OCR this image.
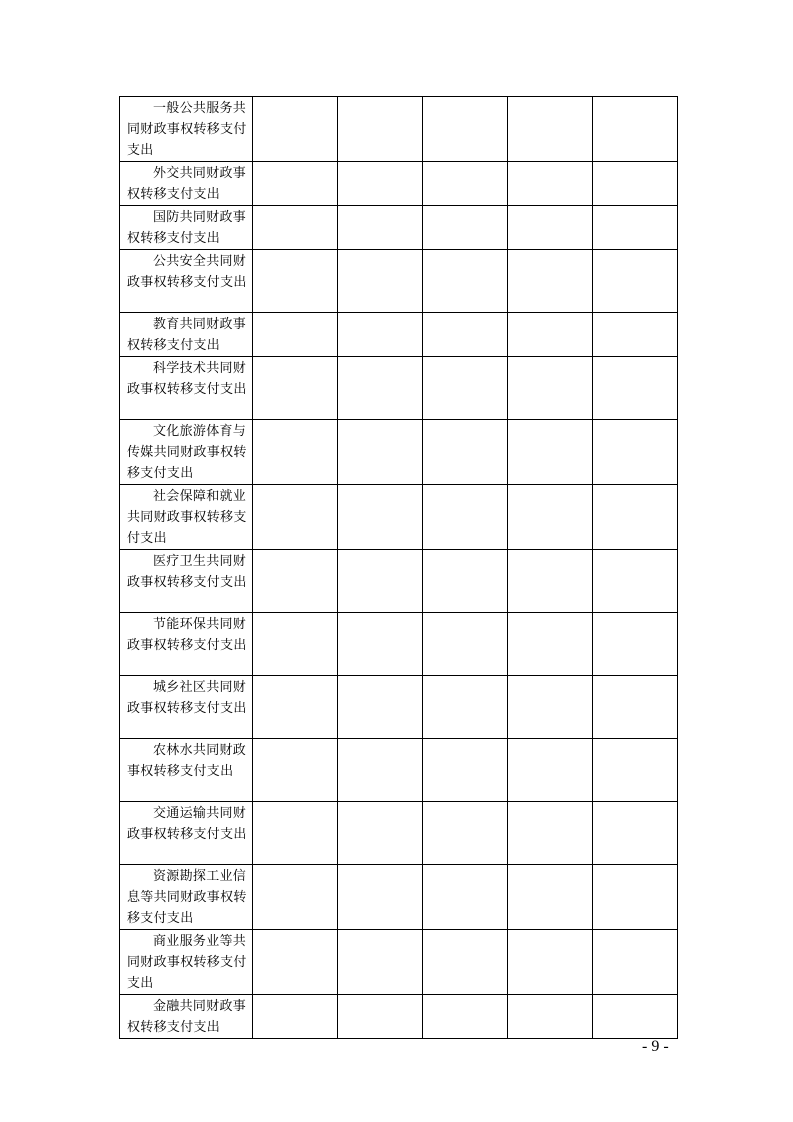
一般公共服务共同财政事权转移支付支出					
外交共同财政事权转移支付支出					
国防共同财政事权转移支付支出					
公共安全共同财政事权转移支付支出					
教育共同财政事权转移支付支出					
科学技术共同财政事权转移支付支出					
文化旅游体育与传媒共同财政事权转移支付支出					
社会保障和就业共同财政事权转移支付支出					
医疗卫生共同财政事权转移支付支出					
节能环保共同财政事权转移支付支出					
城乡社区共同财政事权转移支付支出					
农林水共同财政事权转移支付支出					
交通运输共同财政事权转移支付支出					
资源勘探工业信息等共同财政事权转移支付支出					
商业服务业等共同财政事权转移支付支出					
金融共同财政事权转移支付支出					
- 9 -
